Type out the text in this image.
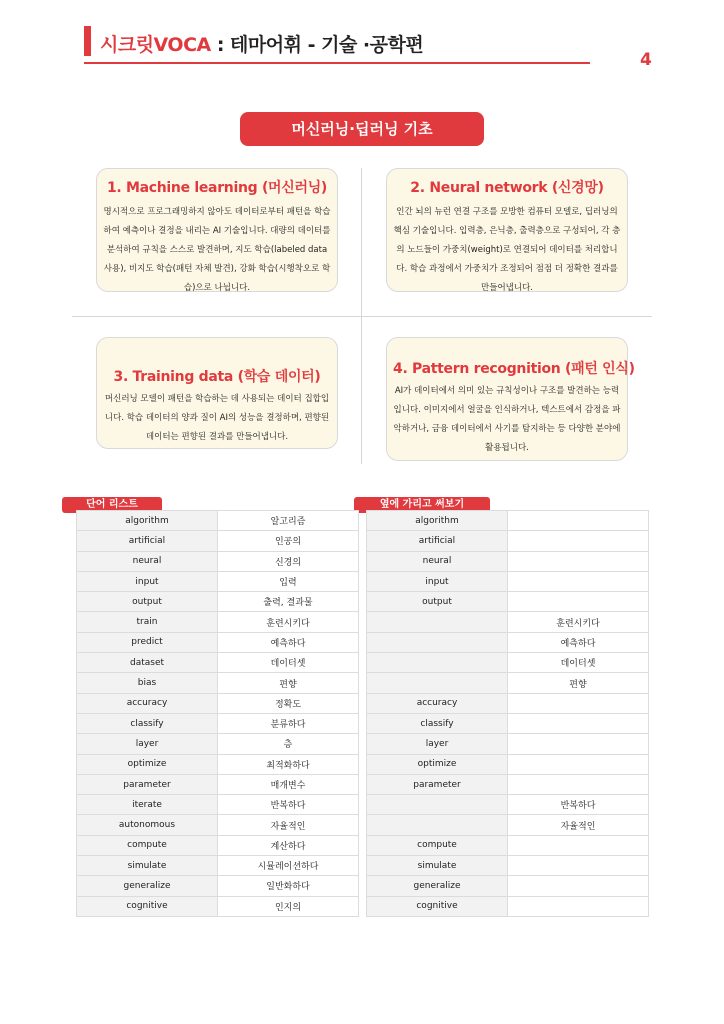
시크릿VOCA : 테마어휘 - 기술 ·공학편
4
머신러닝·딥러닝 기초
1. Machine learning (머신러닝)

명시적으로 프로그래밍하지 않아도 데이터로부터 패턴을 학습하여 예측이나 결정을 내리는 AI 기술입니다. 대량의 데이터를 분석하여 규칙을 스스로 발견하며, 지도 학습(labeled data 사용), 비지도 학습(패턴 자체 발견), 강화 학습(시행착오로 학습)으로 나뉩니다.

2. Neural network (신경망)

인간 뇌의 뉴런 연결 구조를 모방한 컴퓨터 모델로, 딥러닝의 핵심 기술입니다. 입력층, 은닉층, 출력층으로 구성되어, 각 층의 노드들이 가중치(weight)로 연결되어 데이터를 처리합니다. 학습 과정에서 가중치가 조정되어 점점 더 정확한 결과를 만들어냅니다.

3. Training data (학습 데이터)

머신러닝 모델이 패턴을 학습하는 데 사용되는 데이터 집합입니다. 학습 데이터의 양과 질이 AI의 성능을 결정하며, 편향된 데이터는 편향된 결과를 만들어냅니다.

4. Pattern recognition (패턴 인식)

AI가 데이터에서 의미 있는 규칙성이나 구조를 발견하는 능력입니다. 이미지에서 얼굴을 인식하거나, 텍스트에서 감정을 파악하거나, 금융 데이터에서 사기를 탐지하는 등 다양한 분야에 활용됩니다.

단어 리스트	옆에 가리고 써보기
algorithm	알고리즘
artificial	인공의
neural	신경의
input	입력
output	출력, 결과물
train	훈련시키다
predict	예측하다
dataset	데이터셋
bias	편향
accuracy	정확도
classify	분류하다
layer	층
optimize	최적화하다
parameter	매개변수
iterate	반복하다
autonomous	자율적인
compute	계산하다
simulate	시뮬레이션하다
generalize	일반화하다
cognitive	인지의
algorithm	
artificial	
neural	
input	
output	
	훈련시키다
	예측하다
	데이터셋
	편향
accuracy	
classify	
layer	
optimize	
parameter	
	반복하다
	자율적인
compute	
simulate	
generalize	
cognitive	
